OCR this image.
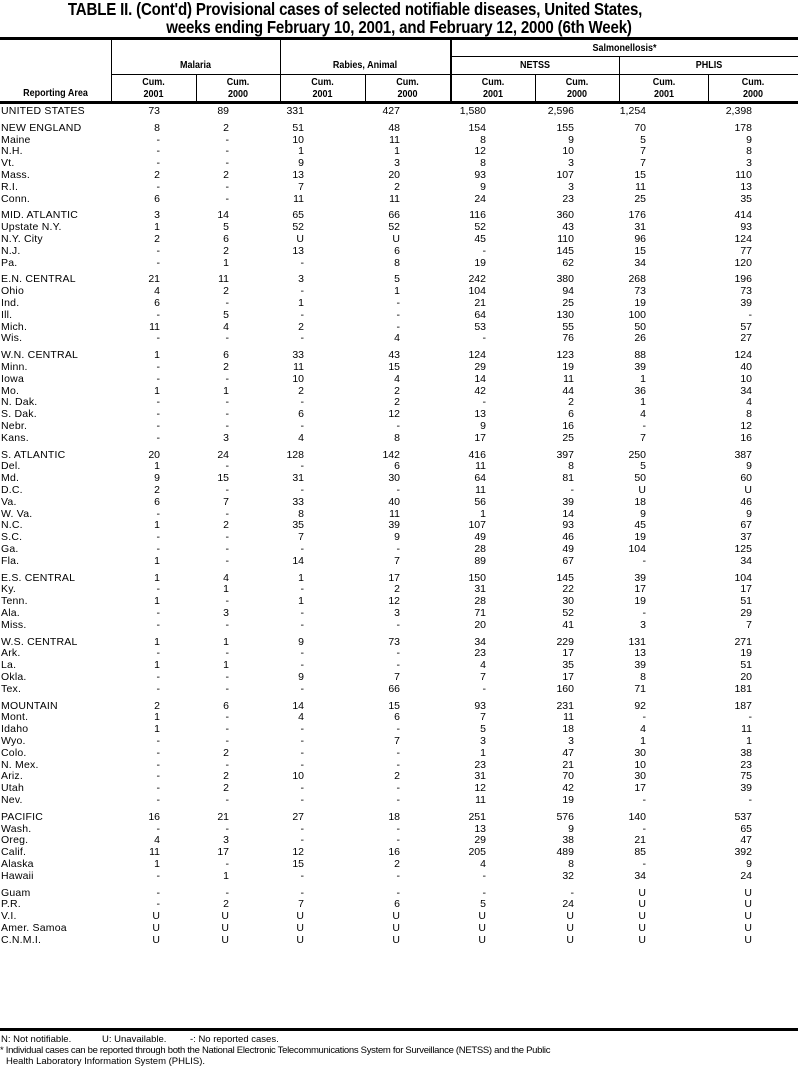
TABLE II. (Cont'd) Provisional cases of selected notifiable diseases, United States,
weeks ending February 10, 2001, and February 12, 2000 (6th Week)
Reporting Area
Malaria	Rabies, Animal
Salmonellosis*
NETSS	PHLIS
Cum.
2001
Cum.
2000
Cum.
2001
Cum.
2000
Cum.
2001
Cum.
2000
Cum.
2001
Cum.
2000
UNITED STATES	73	89	331	427	1,580	2,596	1,254	2,398
NEW ENGLAND	8	2	51	48	154	155	70	178
Maine	-	-	10	11	8	9	5	9
N.H.	-	-	1	1	12	10	7	8
Vt.	-	-	9	3	8	3	7	3
Mass.	2	2	13	20	93	107	15	110
R.I.	-	-	7	2	9	3	11	13
Conn.	6	-	11	11	24	23	25	35
MID. ATLANTIC	3	14	65	66	116	360	176	414
Upstate N.Y.	1	5	52	52	52	43	31	93
N.Y. City	2	6	U	U	45	110	96	124
N.J.	-	2	13	6	-	145	15	77
Pa.	-	1	-	8	19	62	34	120
E.N. CENTRAL	21	11	3	5	242	380	268	196
Ohio	4	2	-	1	104	94	73	73
Ind.	6	-	1	-	21	25	19	39
Ill.	-	5	-	-	64	130	100	-
Mich.	11	4	2	-	53	55	50	57
Wis.	-	-	-	4	-	76	26	27
W.N. CENTRAL	1	6	33	43	124	123	88	124
Minn.	-	2	11	15	29	19	39	40
Iowa	-	-	10	4	14	11	1	10
Mo.	1	1	2	2	42	44	36	34
N. Dak.	-	-	-	2	-	2	1	4
S. Dak.	-	-	6	12	13	6	4	8
Nebr.	-	-	-	-	9	16	-	12
Kans.	-	3	4	8	17	25	7	16
S. ATLANTIC	20	24	128	142	416	397	250	387
Del.	1	-	-	6	11	8	5	9
Md.	9	15	31	30	64	81	50	60
D.C.	2	-	-	-	11	-	U	U
Va.	6	7	33	40	56	39	18	46
W. Va.	-	-	8	11	1	14	9	9
N.C.	1	2	35	39	107	93	45	67
S.C.	-	-	7	9	49	46	19	37
Ga.	-	-	-	-	28	49	104	125
Fla.	1	-	14	7	89	67	-	34
E.S. CENTRAL	1	4	1	17	150	145	39	104
Ky.	-	1	-	2	31	22	17	17
Tenn.	1	-	1	12	28	30	19	51
Ala.	-	3	-	3	71	52	-	29
Miss.	-	-	-	-	20	41	3	7
W.S. CENTRAL	1	1	9	73	34	229	131	271
Ark.	-	-	-	-	23	17	13	19
La.	1	1	-	-	4	35	39	51
Okla.	-	-	9	7	7	17	8	20
Tex.	-	-	-	66	-	160	71	181
MOUNTAIN	2	6	14	15	93	231	92	187
Mont.	1	-	4	6	7	11	-	-
Idaho	1	-	-	-	5	18	4	11
Wyo.	-	-	-	7	3	3	1	1
Colo.	-	2	-	-	1	47	30	38
N. Mex.	-	-	-	-	23	21	10	23
Ariz.	-	2	10	2	31	70	30	75
Utah	-	2	-	-	12	42	17	39
Nev.	-	-	-	-	11	19	-	-
PACIFIC	16	21	27	18	251	576	140	537
Wash.	-	-	-	-	13	9	-	65
Oreg.	4	3	-	-	29	38	21	47
Calif.	11	17	12	16	205	489	85	392
Alaska	1	-	15	2	4	8	-	9
Hawaii	-	1	-	-	-	32	34	24
Guam	-	-	-	-	-	-	U	U
P.R.	-	2	7	6	5	24	U	U
V.I.	U	U	U	U	U	U	U	U
Amer. Samoa	U	U	U	U	U	U	U	U
C.N.M.I.	U	U	U	U	U	U	U	U
N: Not notifiable.	U: Unavailable. -: No reported cases.
* Individual cases can be reported through both the National Electronic Telecommunications System for Surveillance (NETSS) and the Public
Health Laboratory Information System (PHLIS).
